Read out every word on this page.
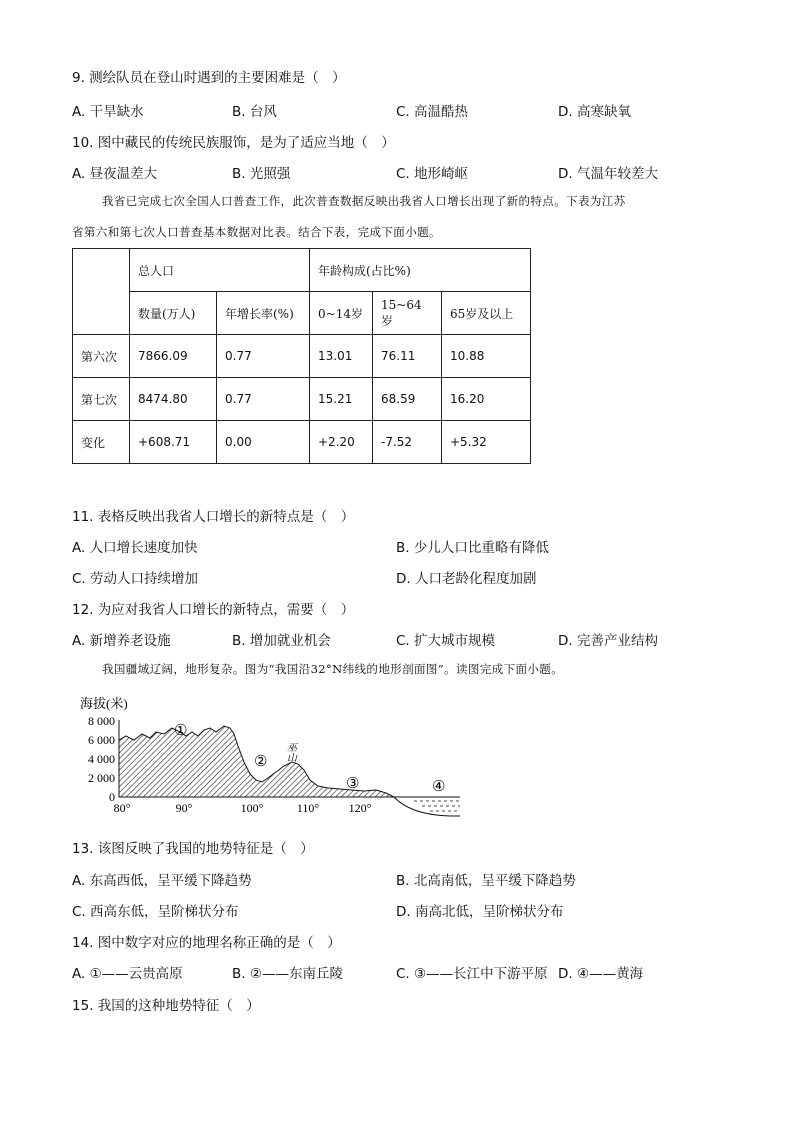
9. 测绘队员在登山时遇到的主要困难是（　）
A. 干旱缺水	B. 台风	C. 高温酷热	D. 高寒缺氧
10. 图中藏民的传统民族服饰，是为了适应当地（　）
A. 昼夜温差大	B. 光照强	C. 地形崎岖	D. 气温年较差大
我省已完成七次全国人口普查工作，此次普查数据反映出我省人口增长出现了新的特点。下表为江苏
省第六和第七次人口普查基本数据对比表。结合下表，完成下面小题。
	总人口		年龄构成(占比%)		
	数量(万人)	年增长率(%)	0~14岁	15~64岁	65岁及以上
第六次	7866.09	0.77	13.01	76.11	10.88
第七次	8474.80	0.77	15.21	68.59	16.20
变化	+608.71	0.00	+2.20	-7.52	+5.32
11. 表格反映出我省人口增长的新特点是（　）
A. 人口增长速度加快	B. 少儿人口比重略有降低
C. 劳动人口持续增加	D. 人口老龄化程度加剧
12. 为应对我省人口增长的新特点，需要（　）
A. 新增养老设施	B. 增加就业机会	C. 扩大城市规模	D. 完善产业结构
我国疆域辽阔，地形复杂。图为“我国沿32°N纬线的地形剖面图”。读图完成下面小题。
海拔(米)
8 000
6 000
4 000
2 000
0
①
②
③	④
巫山
80°	90°	100°	110° 120°
13. 该图反映了我国的地势特征是（　）
A. 东高西低，呈平缓下降趋势	B. 北高南低，呈平缓下降趋势
C. 西高东低，呈阶梯状分布	D. 南高北低，呈阶梯状分布
14. 图中数字对应的地理名称正确的是（　）
A. ①——云贵高原	B. ②——东南丘陵	C. ③——长江中下游平原 D. ④——黄海
15. 我国的这种地势特征（　）
